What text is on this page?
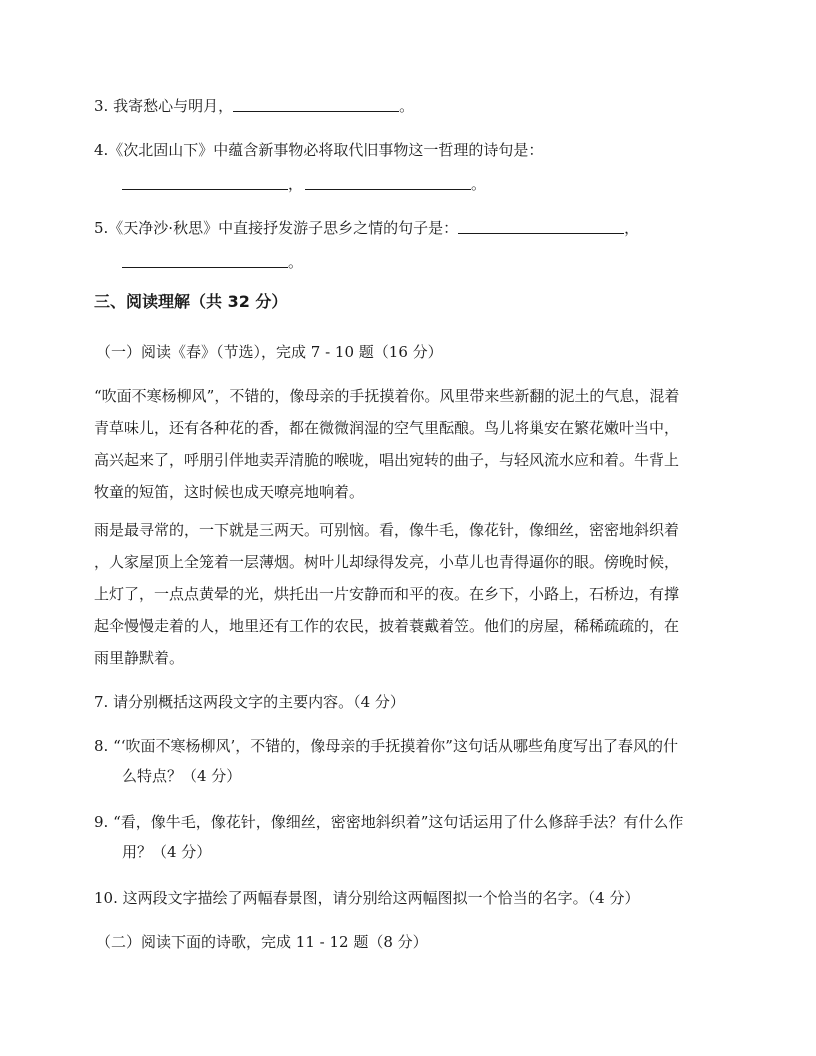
3. 我寄愁心与明月，	。
4.《次北固山下》中蕴含新事物必将取代旧事物这一哲理的诗句是：
，	。
5.《天净沙·秋思》中直接抒发游子思乡之情的句子是：	，
。
三、阅读理解（共 32 分）
（一）阅读《春》（节选），完成 7 - 10 题（16 分）
“吹面不寒杨柳风”，不错的，像母亲的手抚摸着你。风里带来些新翻的泥土的气息，混着
青草味儿，还有各种花的香，都在微微润湿的空气里酝酿。鸟儿将巢安在繁花嫩叶当中，
高兴起来了，呼朋引伴地卖弄清脆的喉咙，唱出宛转的曲子，与轻风流水应和着。牛背上
牧童的短笛，这时候也成天嘹亮地响着。
雨是最寻常的，一下就是三两天。可别恼。看，像牛毛，像花针，像细丝，密密地斜织着
，人家屋顶上全笼着一层薄烟。树叶儿却绿得发亮，小草儿也青得逼你的眼。傍晚时候，
上灯了，一点点黄晕的光，烘托出一片安静而和平的夜。在乡下，小路上，石桥边，有撑
起伞慢慢走着的人，地里还有工作的农民，披着蓑戴着笠。他们的房屋，稀稀疏疏的，在
雨里静默着。
7. 请分别概括这两段文字的主要内容。（4 分）
8. “‘吹面不寒杨柳风’，不错的，像母亲的手抚摸着你”这句话从哪些角度写出了春风的什
么特点？（4 分）
9. “看，像牛毛，像花针，像细丝，密密地斜织着”这句话运用了什么修辞手法？有什么作
用？（4 分）
10. 这两段文字描绘了两幅春景图，请分别给这两幅图拟一个恰当的名字。（4 分）
（二）阅读下面的诗歌，完成 11 - 12 题（8 分）
